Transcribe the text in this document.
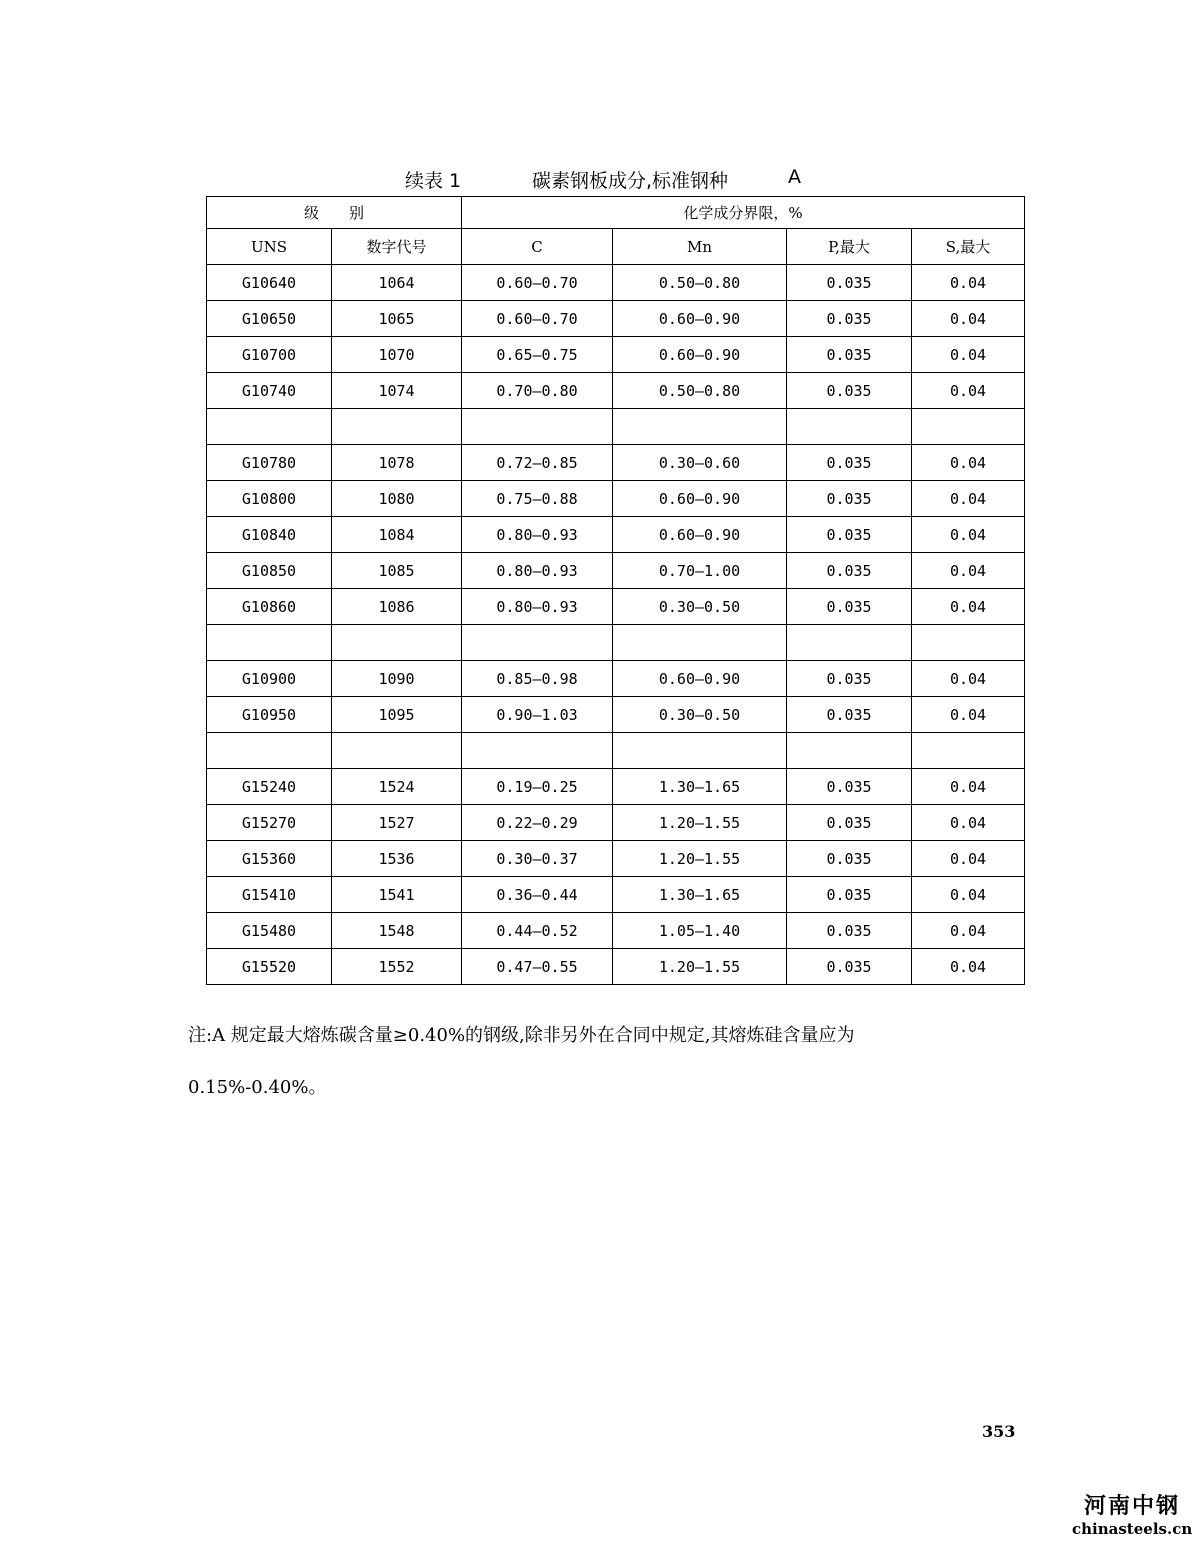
续表 1	碳素钢板成分,标准钢种	A
级　　别		化学成分界限，%			
UNS	数字代号	C	Mn	P,最大	S,最大
G10640	1064	0.60—0.70	0.50—0.80	0.035	0.04
G10650	1065	0.60—0.70	0.60—0.90	0.035	0.04
G10700	1070	0.65—0.75	0.60—0.90	0.035	0.04
G10740	1074	0.70—0.80	0.50—0.80	0.035	0.04

G10780	1078	0.72—0.85	0.30—0.60	0.035	0.04
G10800	1080	0.75—0.88	0.60—0.90	0.035	0.04
G10840	1084	0.80—0.93	0.60—0.90	0.035	0.04
G10850	1085	0.80—0.93	0.70—1.00	0.035	0.04
G10860	1086	0.80—0.93	0.30—0.50	0.035	0.04

G10900	1090	0.85—0.98	0.60—0.90	0.035	0.04
G10950	1095	0.90—1.03	0.30—0.50	0.035	0.04

G15240	1524	0.19—0.25	1.30—1.65	0.035	0.04
G15270	1527	0.22—0.29	1.20—1.55	0.035	0.04
G15360	1536	0.30—0.37	1.20—1.55	0.035	0.04
G15410	1541	0.36—0.44	1.30—1.65	0.035	0.04
G15480	1548	0.44—0.52	1.05—1.40	0.035	0.04
G15520	1552	0.47—0.55	1.20—1.55	0.035	0.04
注:A 规定最大熔炼碳含量≥0.40%的钢级,除非另外在合同中规定,其熔炼硅含量应为
0.15%-0.40%。
353
河南中钢
chinasteels.cn
